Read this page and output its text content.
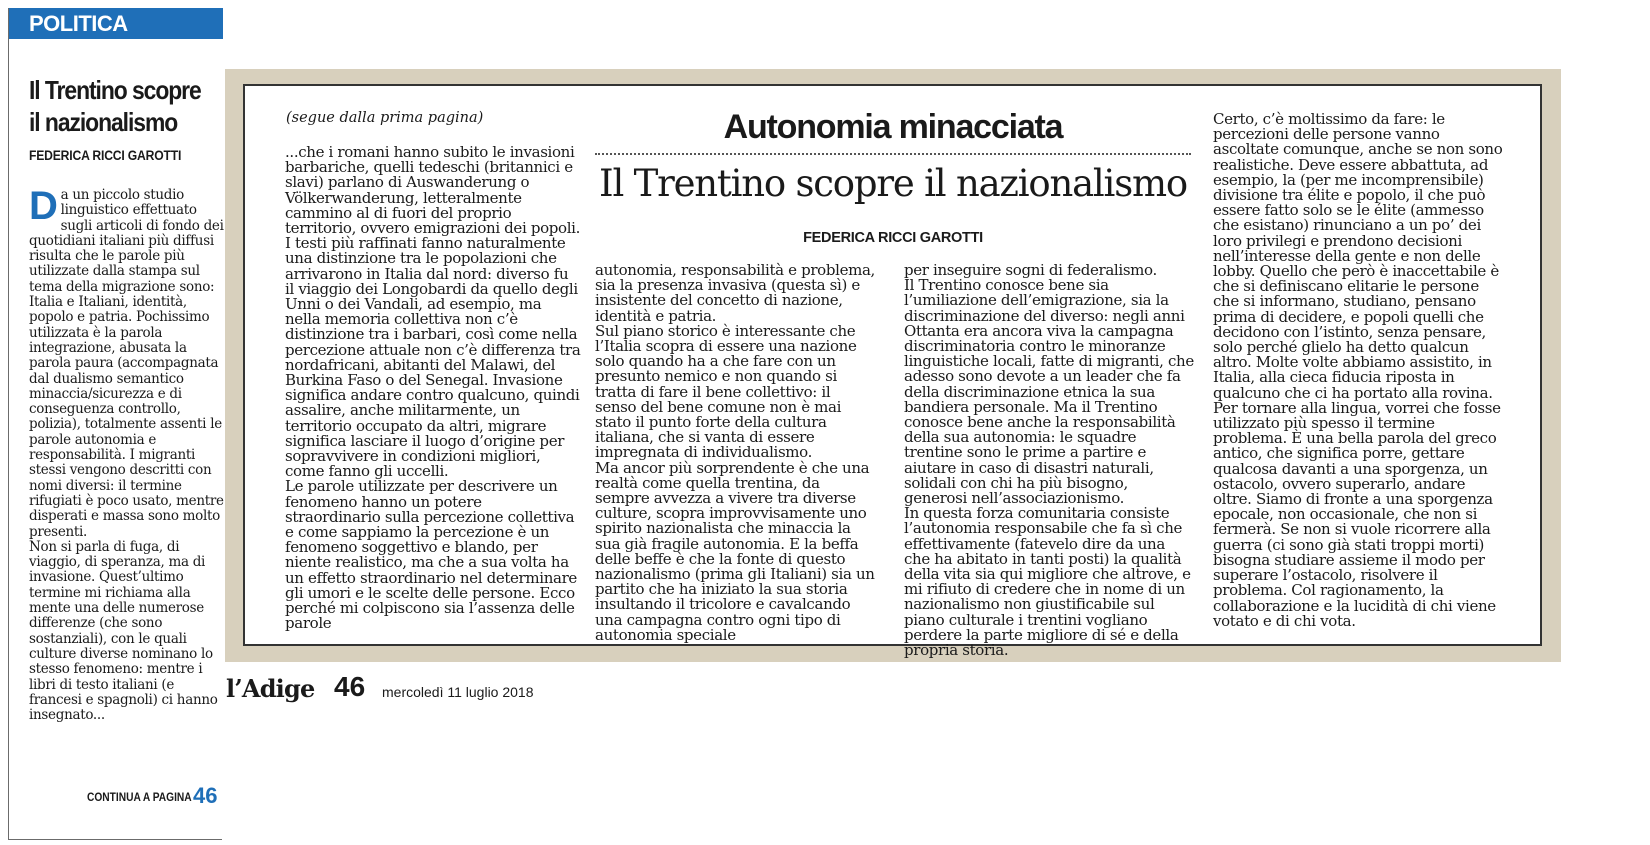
POLITICA
Il Trentino scopre
il nazionalismo
FEDERICA RICCI GAROTTI

Da un piccolo studio linguistico effettuato sugli articoli di fondo dei quotidiani italiani più diffusi risulta che le parole più utilizzate dalla stampa sul tema della migrazione sono: Italia e Italiani, identità, popolo e patria. Pochissimo utilizzata è la parola integrazione, abusata la parola paura (accompagnata dal dualismo semantico minaccia/sicurezza e di conseguenza controllo, polizia), totalmente assenti le parole autonomia e responsabilità. I migranti stessi vengono descritti con nomi diversi: il termine rifugiati è poco usato, mentre disperati e massa sono molto presenti.

Non si parla di fuga, di viaggio, di speranza, ma di invasione. Quest’ultimo termine mi richiama alla mente una delle numerose differenze (che sono sostanziali), con le quali culture diverse nominano lo stesso fenomeno: mentre i libri di testo italiani (e francesi e spagnoli) ci hanno insegnato...

CONTINUA A PAGINA 46

(segue dalla prima pagina)

...che i romani hanno subito le invasioni barbariche, quelli tedeschi (britannici e slavi) parlano di Auswanderung o Völkerwanderung, letteralmente cammino al di fuori del proprio territorio, ovvero emigrazioni dei popoli.

I testi più raffinati fanno naturalmente una distinzione tra le popolazioni che arrivarono in Italia dal nord: diverso fu il viaggio dei Longobardi da quello degli Unni o dei Vandali, ad esempio, ma nella memoria collettiva non c’è distinzione tra i barbari, così come nella percezione attuale non c’è differenza tra nordafricani, abitanti del Malawi, del Burkina Faso o del Senegal. Invasione significa andare contro qualcuno, quindi assalire, anche militarmente, un territorio occupato da altri, migrare significa lasciare il luogo d’origine per sopravvivere in condizioni migliori, come fanno gli uccelli.

Le parole utilizzate per descrivere un fenomeno hanno un potere straordinario sulla percezione collettiva e come sappiamo la percezione è un fenomeno soggettivo e blando, per niente realistico, ma che a sua volta ha un effetto straordinario nel determinare gli umori e le scelte delle persone. Ecco perché mi colpiscono sia l’assenza delle parole

Autonomia minacciata
Il Trentino scopre il nazionalismo

FEDERICA RICCI GAROTTI

autonomia, responsabilità e problema, sia la presenza invasiva (questa sì) e insistente del concetto di nazione, identità e patria.

Sul piano storico è interessante che l’Italia scopra di essere una nazione solo quando ha a che fare con un presunto nemico e non quando si tratta di fare il bene collettivo: il senso del bene comune non è mai stato il punto forte della cultura italiana, che si vanta di essere impregnata di individualismo.

Ma ancor più sorprendente è che una realtà come quella trentina, da sempre avvezza a vivere tra diverse culture, scopra improvvisamente uno spirito nazionalista che minaccia la sua già fragile autonomia. E la beffa delle beffe è che la fonte di questo nazionalismo (prima gli Italiani) sia un partito che ha iniziato la sua storia insultando il tricolore e cavalcando una campagna contro ogni tipo di autonomia speciale

per inseguire sogni di federalismo.

Il Trentino conosce bene sia l’umiliazione dell’emigrazione, sia la discriminazione del diverso: negli anni Ottanta era ancora viva la campagna discriminatoria contro le minoranze linguistiche locali, fatte di migranti, che adesso sono devote a un leader che fa della discriminazione etnica la sua bandiera personale. Ma il Trentino conosce bene anche la responsabilità della sua autonomia: le squadre trentine sono le prime a partire e aiutare in caso di disastri naturali, solidali con chi ha più bisogno, generosi nell’associazionismo.

In questa forza comunitaria consiste l’autonomia responsabile che fa sì che effettivamente (fatevelo dire da una che ha abitato in tanti posti) la qualità della vita sia qui migliore che altrove, e mi rifiuto di credere che in nome di un nazionalismo non giustificabile sul piano culturale i trentini vogliano perdere la parte migliore di sé e della propria storia.

Certo, c’è moltissimo da fare: le percezioni delle persone vanno ascoltate comunque, anche se non sono realistiche. Deve essere abbattuta, ad esempio, la (per me incomprensibile) divisione tra élite e popolo, il che può essere fatto solo se le élite (ammesso che esistano) rinunciano a un po’ dei loro privilegi e prendono decisioni nell’interesse della gente e non delle lobby. Quello che però è inaccettabile è che si definiscano elitarie le persone che si informano, studiano, pensano prima di decidere, e popoli quelli che decidono con l’istinto, senza pensare, solo perché glielo ha detto qualcun altro. Molte volte abbiamo assistito, in Italia, alla cieca fiducia riposta in qualcuno che ci ha portato alla rovina.

Per tornare alla lingua, vorrei che fosse utilizzato più spesso il termine problema. È una bella parola del greco antico, che significa porre, gettare qualcosa davanti a una sporgenza, un ostacolo, ovvero superarlo, andare oltre. Siamo di fronte a una sporgenza epocale, non occasionale, che non si fermerà. Se non si vuole ricorrere alla guerra (ci sono già stati troppi morti) bisogna studiare assieme il modo per superare l’ostacolo, risolvere il problema. Col ragionamento, la collaborazione e la lucidità di chi viene votato e di chi vota.

l’Adige 46 mercoledì 11 luglio 2018
